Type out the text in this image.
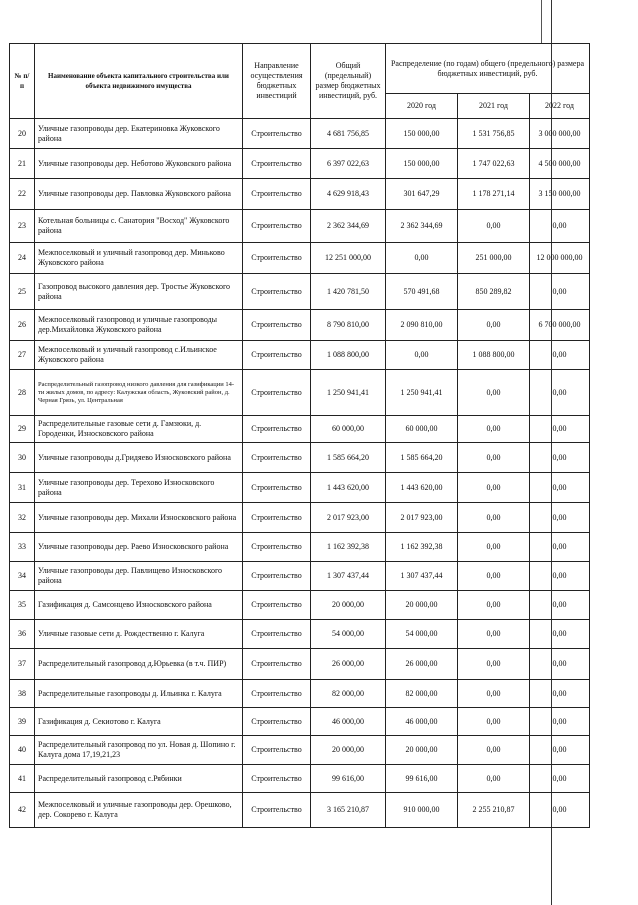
№ п/п	Наименование объекта капитального строительства или объекта недвижимого имущества	Направление осуществления бюджетных инвестиций	Общий (предельный) размер бюджетных инвестиций, руб.	Распределение (по годам) общего (предельного) размера бюджетных инвестиций, руб.		
				2020 год	2021 год	2022 год
20	Уличные газопроводы дер. Екатериновка Жуковского района	Строительство	4 681 756,85	150 000,00	1 531 756,85	3 000 000,00
21	Уличные газопроводы дер. Неботово Жуковского района	Строительство	6 397 022,63	150 000,00	1 747 022,63	4 500 000,00
22	Уличные газопроводы дер. Павловка Жуковского района	Строительство	4 629 918,43	301 647,29	1 178 271,14	3 150 000,00
23	Котельная больницы с. Санатория "Восход" Жуковского района	Строительство	2 362 344,69	2 362 344,69	0,00	0,00
24	Межпоселковый и уличный газопровод дер. Миньково Жуковского района	Строительство	12 251 000,00	0,00	251 000,00	12 000 000,00
25	Газопровод высокого давления дер. Тростье Жуковского района	Строительство	1 420 781,50	570 491,68	850 289,82	0,00
26	Межпоселковый газопровод и уличные газопроводы дер.Михайловка Жуковского района	Строительство	8 790 810,00	2 090 810,00	0,00	6 700 000,00
27	Межпоселковый и уличный газопровод с.Ильинское Жуковского района	Строительство	1 088 800,00	0,00	1 088 800,00	0,00
28	Распределительный газопровод низкого давления для газификации 14-ти жилых домов, по адресу: Калужская область, Жуковский район, д. Черная Грязь, ул. Центральная	Строительство	1 250 941,41	1 250 941,41	0,00	0,00
29	Распределительные газовые сети д. Гамзюки, д. Городенки, Износковского района	Строительство	60 000,00	60 000,00	0,00	0,00
30	Уличные газопроводы д.Гридяево Износковского района	Строительство	1 585 664,20	1 585 664,20	0,00	0,00
31	Уличные газопроводы дер. Терехово Износковского района	Строительство	1 443 620,00	1 443 620,00	0,00	0,00
32	Уличные газопроводы дер. Михали Износковского района	Строительство	2 017 923,00	2 017 923,00	0,00	0,00
33	Уличные газопроводы дер. Раево Износковского района	Строительство	1 162 392,38	1 162 392,38	0,00	0,00
34	Уличные газопроводы дер. Павлищево Износковского района	Строительство	1 307 437,44	1 307 437,44	0,00	0,00
35	Газификация д. Самсонцево Износковского района	Строительство	20 000,00	20 000,00	0,00	0,00
36	Уличные газовые сети д. Рождественно г. Калуга	Строительство	54 000,00	54 000,00	0,00	0,00
37	Распределительный газопровод д.Юрьевка (в т.ч. ПИР)	Строительство	26 000,00	26 000,00	0,00	0,00
38	Распределительные газопроводы д. Ильинка г. Калуга	Строительство	82 000,00	82 000,00	0,00	0,00
39	Газификация д. Секиотово г. Калуга	Строительство	46 000,00	46 000,00	0,00	0,00
40	Распределительный газопровод по ул. Новая д. Шопино г. Калуга дома 17,19,21,23	Строительство	20 000,00	20 000,00	0,00	0,00
41	Распределительный газопровод с.Рябинки	Строительство	99 616,00	99 616,00	0,00	0,00
42	Межпоселковый и уличные газопроводы дер. Орешково, дер. Сокорево г. Калуга	Строительство	3 165 210,87	910 000,00	2 255 210,87	0,00
